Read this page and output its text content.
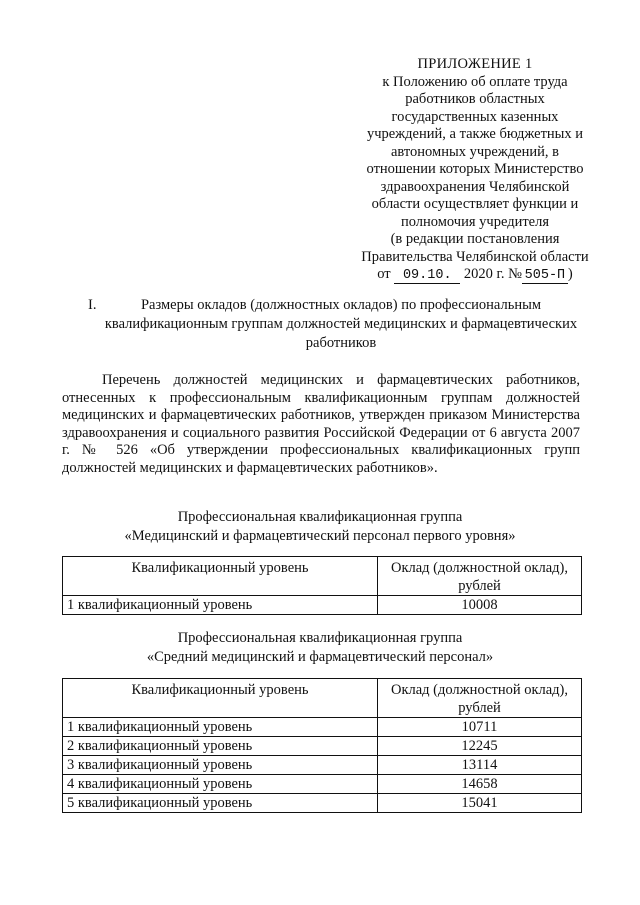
ПРИЛОЖЕНИЕ 1
к Положению об оплате труда
работников областных
государственных казенных
учреждений, а также бюджетных и
автономных учреждений, в
отношении которых Министерство
здравоохранения Челябинской
области осуществляет функции и
полномочия учредителя
(в редакции постановления
Правительства Челябинской области
от 09.10. 2020 г. № 505-П )
I.	Размеры окладов (должностных окладов) по профессиональным квалификационным группам должностей медицинских и фармацевтических работников
Перечень должностей медицинских и фармацевтических работников, отнесенных к профессиональным квалификационным группам должностей медицинских и фармацевтических работников, утвержден приказом Министерства здравоохранения и социального развития Российской Федерации от 6 августа 2007 г. № 526 «Об утверждении профессиональных квалификационных групп должностей медицинских и фармацевтических работников».
Профессиональная квалификационная группа
«Медицинский и фармацевтический персонал первого уровня»
Квалификационный уровень	Оклад (должностной оклад), рублей
1 квалификационный уровень	10008
Профессиональная квалификационная группа
«Средний медицинский и фармацевтический персонал»
Квалификационный уровень	Оклад (должностной оклад), рублей
1 квалификационный уровень	10711
2 квалификационный уровень	12245
3 квалификационный уровень	13114
4 квалификационный уровень	14658
5 квалификационный уровень	15041
